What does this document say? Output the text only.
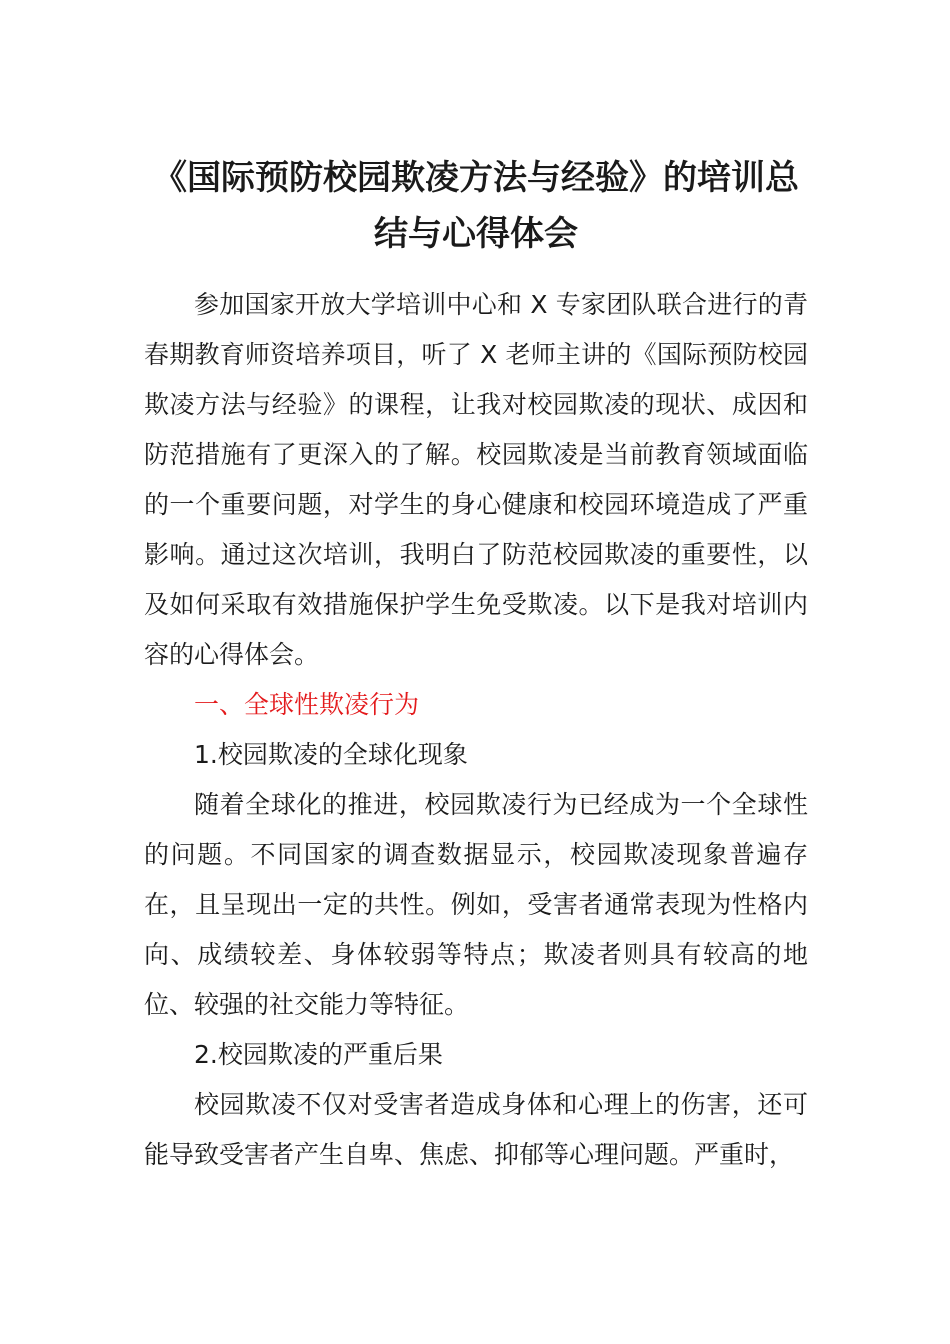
《国际预防校园欺凌方法与经验》的培训总
结与心得体会

参加国家开放大学培训中心和 X 专家团队联合进行的青春期教育师资培养项目，听了 X 老师主讲的《国际预防校园欺凌方法与经验》的课程，让我对校园欺凌的现状、成因和防范措施有了更深入的了解。校园欺凌是当前教育领域面临的一个重要问题，对学生的身心健康和校园环境造成了严重影响。通过这次培训，我明白了防范校园欺凌的重要性，以及如何采取有效措施保护学生免受欺凌。以下是我对培训内容的心得体会。

一、全球性欺凌行为

1.校园欺凌的全球化现象

随着全球化的推进，校园欺凌行为已经成为一个全球性的问题。不同国家的调查数据显示，校园欺凌现象普遍存在，且呈现出一定的共性。例如，受害者通常表现为性格内向、成绩较差、身体较弱等特点；欺凌者则具有较高的地位、较强的社交能力等特征。

2.校园欺凌的严重后果

校园欺凌不仅对受害者造成身体和心理上的伤害，还可能导致受害者产生自卑、焦虑、抑郁等心理问题。严重时，
